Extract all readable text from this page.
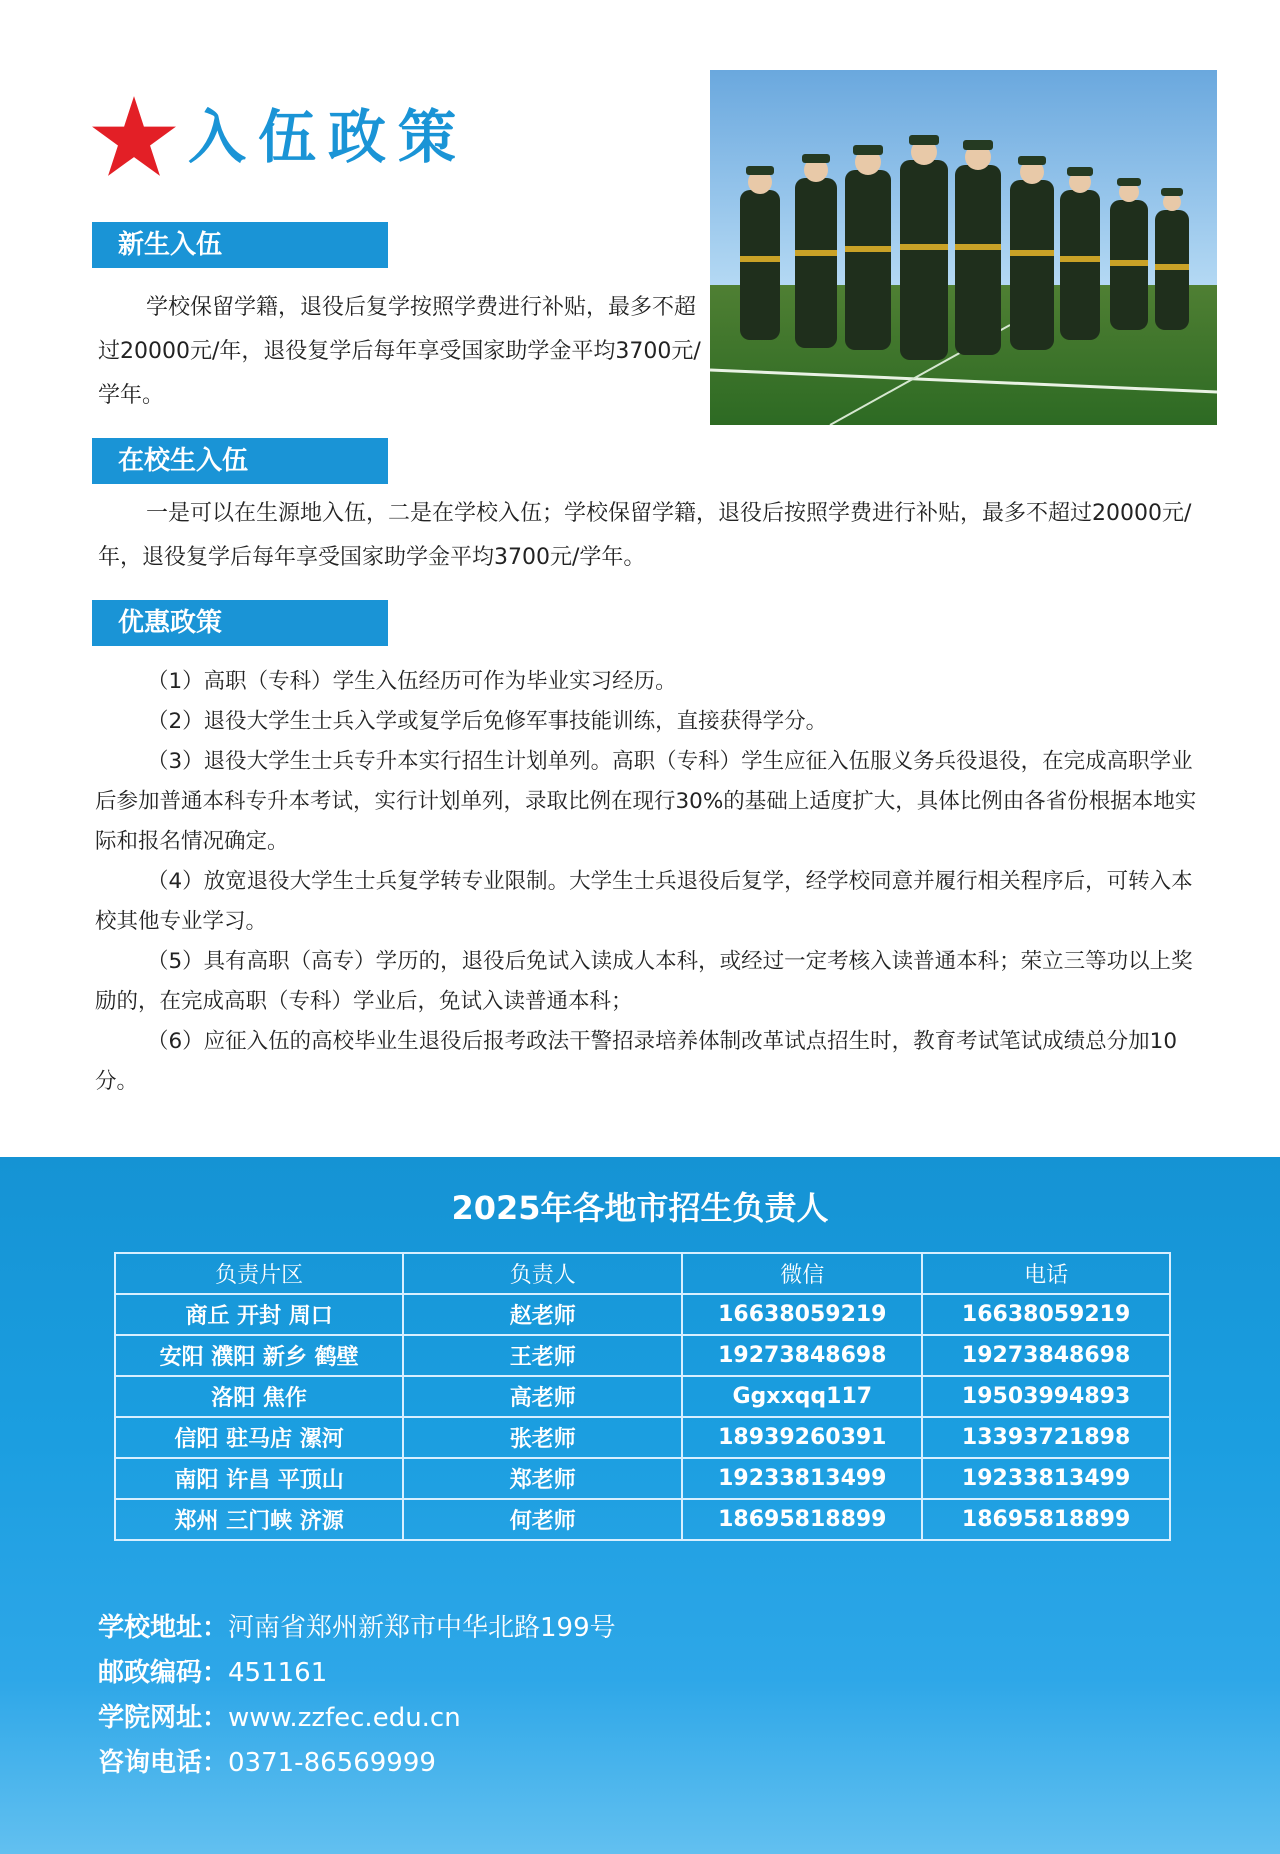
入伍政策
新生入伍

学校保留学籍，退役后复学按照学费进行补贴，最多不超过20000元/年，退役复学后每年享受国家助学金平均3700元/学年。

在校生入伍

一是可以在生源地入伍，二是在学校入伍；学校保留学籍，退役后按照学费进行补贴，最多不超过20000元/年，退役复学后每年享受国家助学金平均3700元/学年。

优惠政策

（1）高职（专科）学生入伍经历可作为毕业实习经历。

（2）退役大学生士兵入学或复学后免修军事技能训练，直接获得学分。

（3）退役大学生士兵专升本实行招生计划单列。高职（专科）学生应征入伍服义务兵役退役，在完成高职学业后参加普通本科专升本考试，实行计划单列，录取比例在现行30%的基础上适度扩大，具体比例由各省份根据本地实际和报名情况确定。

（4）放宽退役大学生士兵复学转专业限制。大学生士兵退役后复学，经学校同意并履行相关程序后，可转入本校其他专业学习。

（5）具有高职（高专）学历的，退役后免试入读成人本科，或经过一定考核入读普通本科；荣立三等功以上奖励的，在完成高职（专科）学业后，免试入读普通本科；

（6）应征入伍的高校毕业生退役后报考政法干警招录培养体制改革试点招生时，教育考试笔试成绩总分加10分。

2025年各地市招生负责人
负责片区	负责人	微信	电话
商丘 开封 周口	赵老师	16638059219	16638059219
安阳 濮阳 新乡 鹤壁	王老师	19273848698	19273848698
洛阳 焦作	高老师	Ggxxqq117	19503994893
信阳 驻马店 漯河	张老师	18939260391	13393721898
南阳 许昌 平顶山	郑老师	19233813499	19233813499
郑州 三门峡 济源	何老师	18695818899	18695818899

学校地址：河南省郑州新郑市中华北路199号

邮政编码：451161

学院网址：www.zzfec.edu.cn

咨询电话：0371-86569999
